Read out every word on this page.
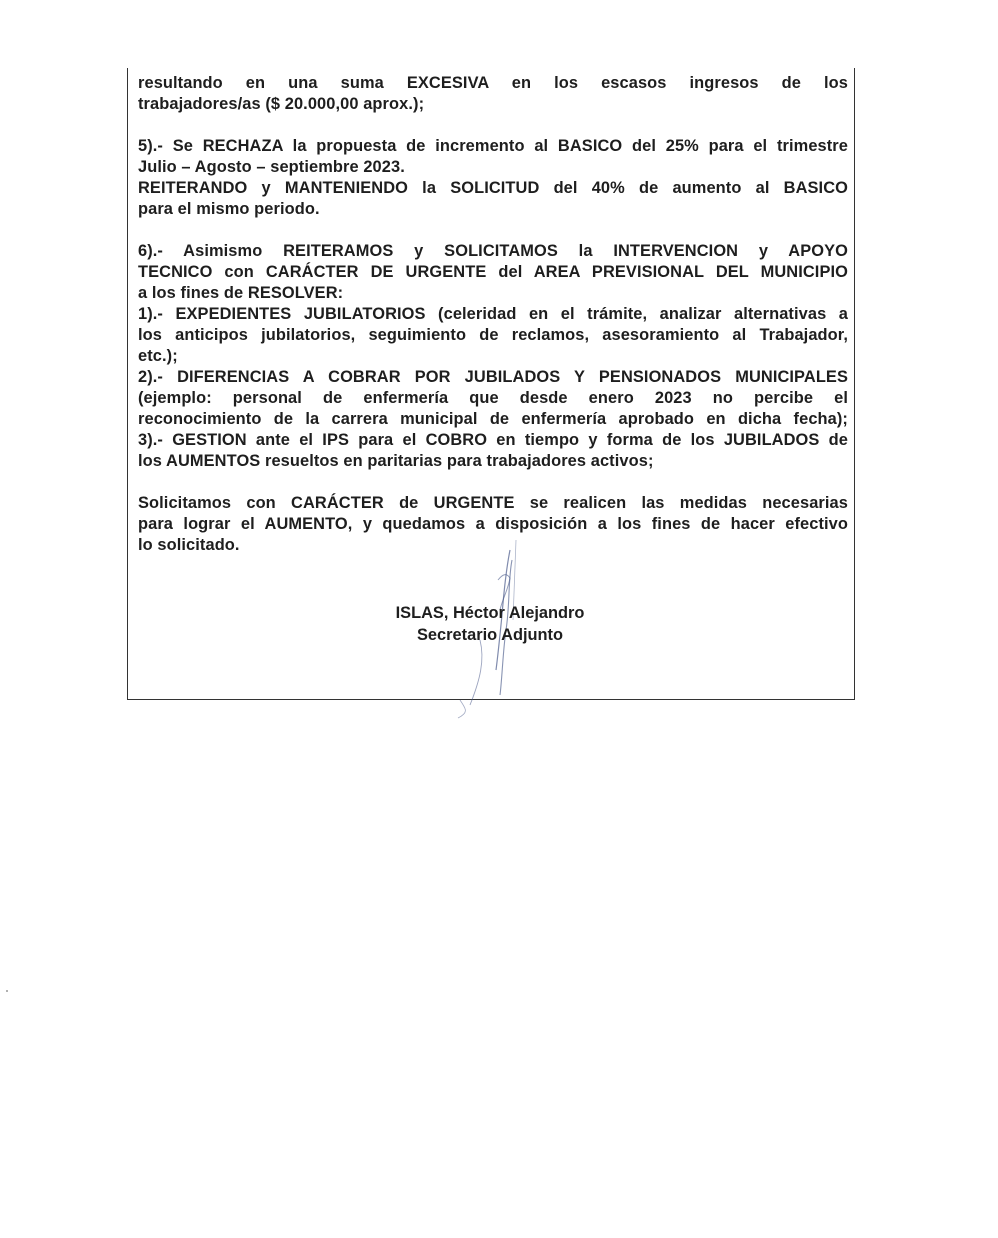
resultando en una suma EXCESIVA en los escasos ingresos de los

trabajadores/as ($ 20.000,00 aprox.);

5).- Se RECHAZA la propuesta de incremento al BASICO del 25% para el trimestre

Julio – Agosto – septiembre 2023.

REITERANDO y MANTENIENDO la SOLICITUD del 40% de aumento al BASICO

para el mismo periodo.

6).- Asimismo REITERAMOS y SOLICITAMOS la INTERVENCION y APOYO

TECNICO con CARÁCTER DE URGENTE del AREA PREVISIONAL DEL MUNICIPIO

a los fines de RESOLVER:

1).- EXPEDIENTES JUBILATORIOS (celeridad en el trámite, analizar alternativas a

los anticipos jubilatorios, seguimiento de reclamos, asesoramiento al Trabajador,

etc.);

2).- DIFERENCIAS A COBRAR POR JUBILADOS Y PENSIONADOS MUNICIPALES

(ejemplo: personal de enfermería que desde enero 2023 no percibe el

reconocimiento de la carrera municipal de enfermería aprobado en dicha fecha);

3).- GESTION ante el IPS para el COBRO en tiempo y forma de los JUBILADOS de

los AUMENTOS resueltos en paritarias para trabajadores activos;

Solicitamos con CARÁCTER de URGENTE se realicen las medidas necesarias

para lograr el AUMENTO, y quedamos a disposición a los fines de hacer efectivo

lo solicitado.

ISLAS, Héctor Alejandro
Secretario Adjunto
